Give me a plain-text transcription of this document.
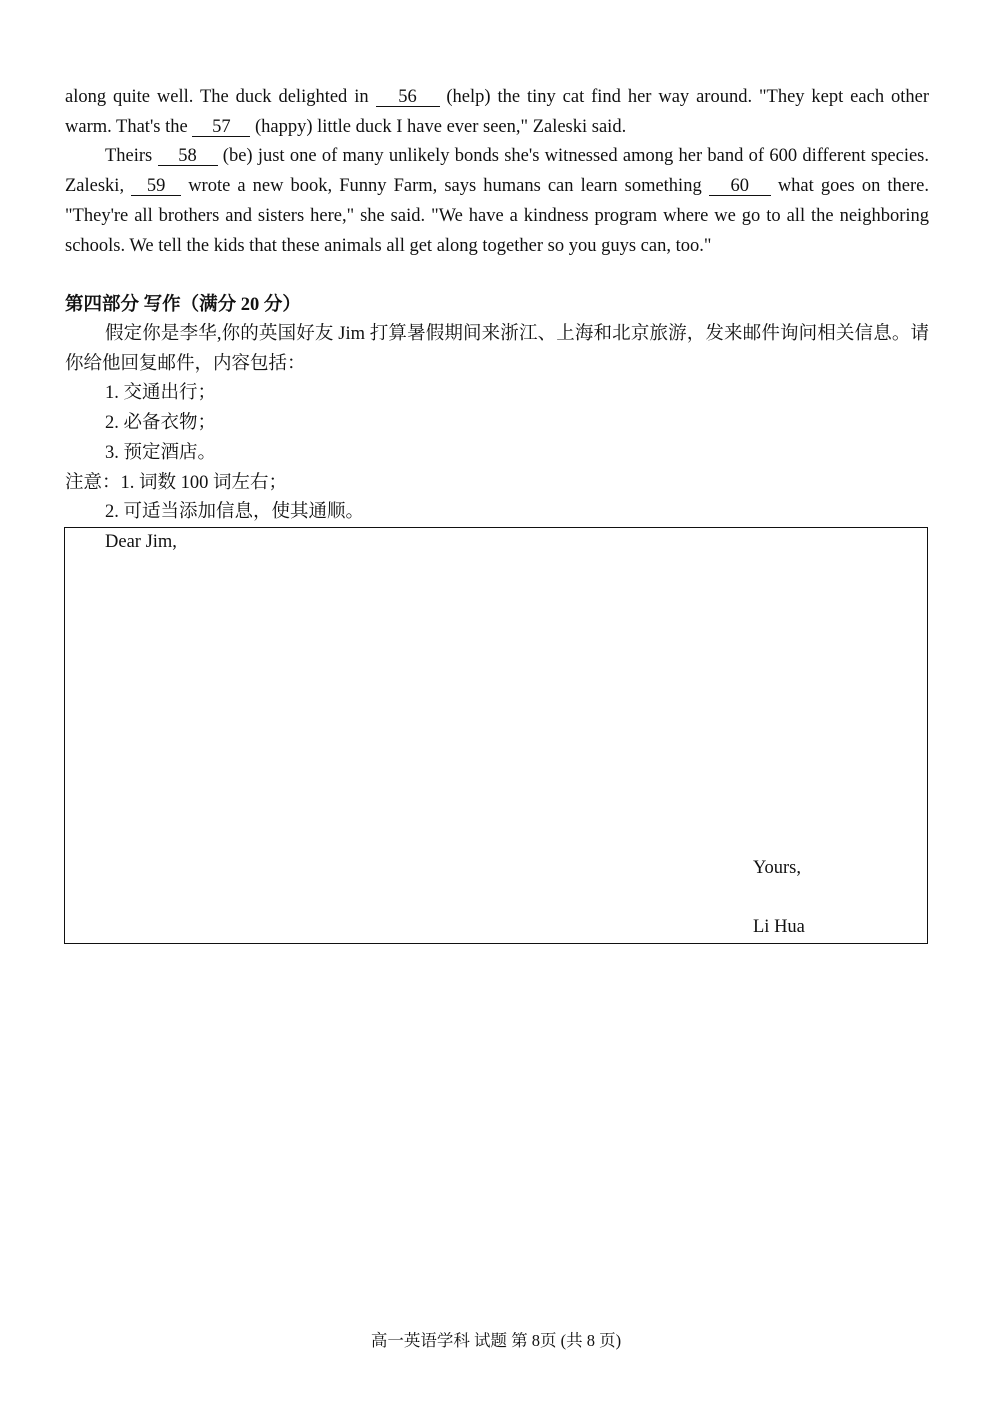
along quite well. The duck delighted in 56 (help) the tiny cat find her way around. "They kept each other warm. That's the 57 (happy) little duck I have ever seen," Zaleski said.

Theirs 58 (be) just one of many unlikely bonds she's witnessed among her band of 600 different species. Zaleski, 59 wrote a new book, Funny Farm, says humans can learn something 60 what goes on there. "They're all brothers and sisters here," she said. "We have a kindness program where we go to all the neighboring schools. We tell the kids that these animals all get along together so you guys can, too."

第四部分 写作（满分 20 分）

假定你是李华,你的英国好友 Jim 打算暑假期间来浙江、上海和北京旅游，发来邮件询问相关信息。请你给他回复邮件，内容包括：

1. 交通出行；

2. 必备衣物；

3. 预定酒店。

注意：1. 词数 100 词左右；

2. 可适当添加信息，使其通顺。

Dear Jim,
Yours,
Li Hua
高一英语学科 试题 第 8页 (共 8 页)
